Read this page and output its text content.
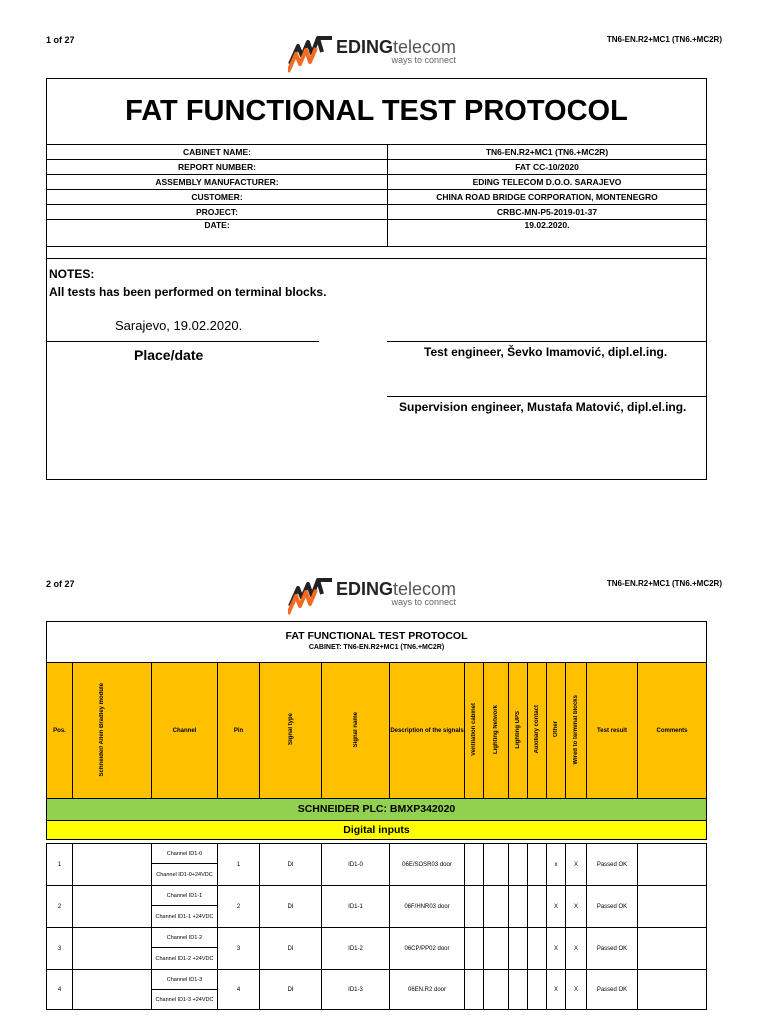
1 of 27	TN6-EN.R2+MC1 (TN6.+MC2R)
EDINGtelecom
ways to connect
FAT FUNCTIONAL TEST PROTOCOL
CABINET NAME:	TN6-EN.R2+MC1 (TN6.+MC2R)
REPORT NUMBER:	FAT CC-10/2020
ASSEMBLY MANUFACTURER:	EDING TELECOM D.O.O. SARAJEVO
CUSTOMER:	CHINA ROAD BRIDGE CORPORATION, MONTENEGRO
PROJECT:	CRBC-MN-P5-2019-01-37
DATE:	19.02.2020.
NOTES:
All tests has been performed on terminal blocks.
Sarajevo, 19.02.2020.
Place/date	Test engineer, Ševko Imamović, dipl.el.ing.
Supervision engineer, Mustafa Matović, dipl.el.ing.
2 of 27	TN6-EN.R2+MC1 (TN6.+MC2R)
EDINGtelecom
ways to connect
FAT FUNCTIONAL TEST PROTOCOL
CABINET: TN6-EN.R2+MC1 (TN6.+MC2R)
Pos.	Schneider/ Allen Bradley module	Channel	Pin	Signal type	Signal name	Description of the signals	Ventilation cabinet	Lighting Network	Lighting UPS	Auxiliary contact	Other	Wired to terminal blocks	Test result	Comments
SCHNEIDER PLC: BMXP342020
Digital inputs
1		Channel ID1-0	1	DI	ID1-0	06E/SOSR03 door					x	X	Passed OK	
		Channel ID1-0+24VDC												
2		Channel ID1-1	2	DI	ID1-1	06F/HNR03 door					X	X	Passed OK	
		Channel ID1-1 +24VDC												
3		Channel ID1-2	3	DI	ID1-2	06CP/PP02 door					X	X	Passed OK	
		Channel ID1-2 +24VDC												
4		Channel ID1-3	4	DI	ID1-3	06EN.R2 door					X	X	Passed OK	
		Channel ID1-3 +24VDC												
